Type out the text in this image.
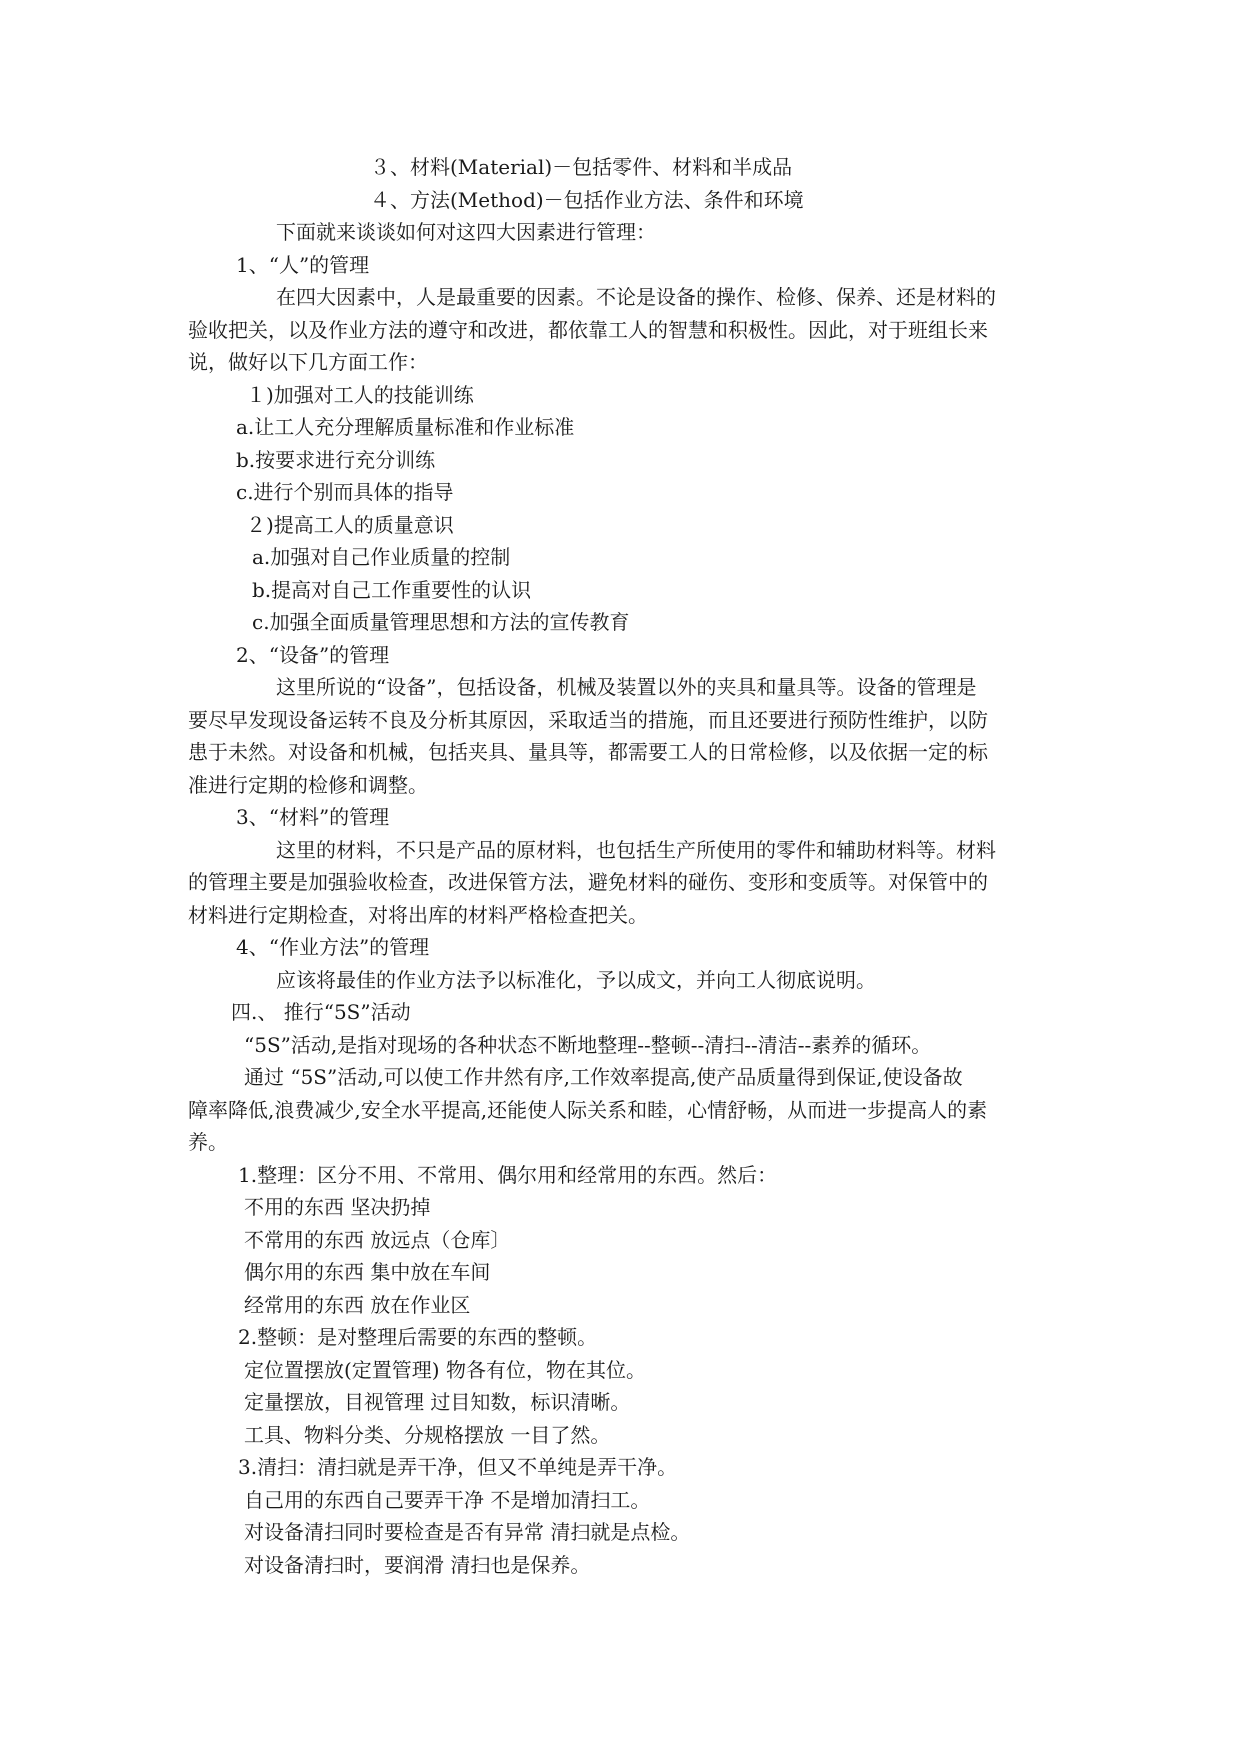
３、材料(Material)－包括零件、材料和半成品
４、方法(Method)－包括作业方法、条件和环境
下面就来谈谈如何对这四大因素进行管理：
1、“人”的管理
在四大因素中，人是最重要的因素。不论是设备的操作、检修、保养、还是材料的
验收把关，以及作业方法的遵守和改进，都依靠工人的智慧和积极性。因此，对于班组长来
说，做好以下几方面工作：
１)加强对工人的技能训练
a.让工人充分理解质量标准和作业标准
b.按要求进行充分训练
c.进行个别而具体的指导
２)提高工人的质量意识
a.加强对自己作业质量的控制
b.提高对自己工作重要性的认识
c.加强全面质量管理思想和方法的宣传教育
2、“设备”的管理
这里所说的“设备”，包括设备，机械及装置以外的夹具和量具等。设备的管理是
要尽早发现设备运转不良及分析其原因，采取适当的措施，而且还要进行预防性维护，以防
患于未然。对设备和机械，包括夹具、量具等，都需要工人的日常检修，以及依据一定的标
准进行定期的检修和调整。
3、“材料”的管理
这里的材料，不只是产品的原材料，也包括生产所使用的零件和辅助材料等。材料
的管理主要是加强验收检查，改进保管方法，避免材料的碰伤、变形和变质等。对保管中的
材料进行定期检查，对将出库的材料严格检查把关。
4、“作业方法”的管理
应该将最佳的作业方法予以标准化，予以成文，并向工人彻底说明。
四.、 推行“5S”活动
“5S”活动,是指对现场的各种状态不断地整理--整顿--清扫--清洁--素养的循环。
通过 “5S”活动,可以使工作井然有序,工作效率提高,使产品质量得到保证,使设备故
障率降低,浪费减少,安全水平提高,还能使人际关系和睦，心情舒畅，从而进一步提高人的素
养。
1.整理：区分不用、不常用、偶尔用和经常用的东西。然后：
不用的东西 坚决扔掉
不常用的东西 放远点（仓库〕
偶尔用的东西 集中放在车间
经常用的东西 放在作业区
2.整顿：是对整理后需要的东西的整顿。
定位置摆放(定置管理) 物各有位，物在其位。
定量摆放，目视管理 过目知数，标识清晰。
工具、物料分类、分规格摆放 一目了然。
3.清扫：清扫就是弄干净，但又不单纯是弄干净。
自己用的东西自己要弄干净 不是增加清扫工。
对设备清扫同时要检查是否有异常 清扫就是点检。
对设备清扫时，要润滑 清扫也是保养。
